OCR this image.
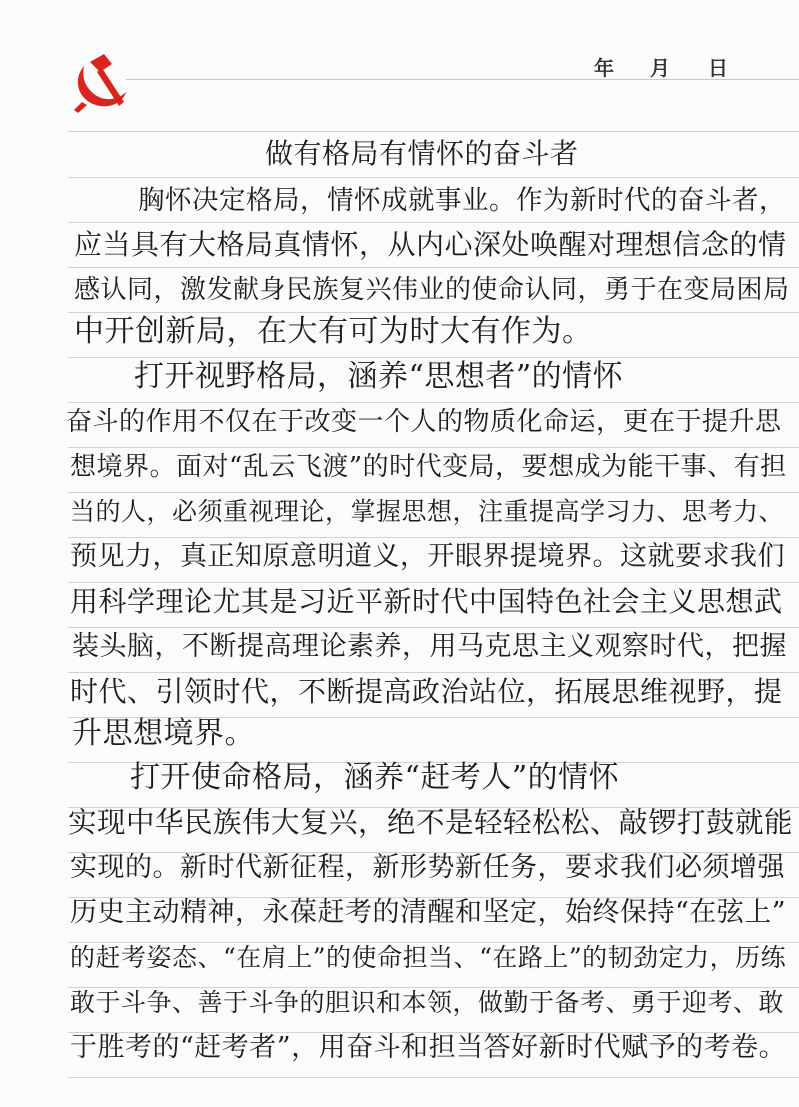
年 月 日
做有格局有情怀的奋斗者
胸怀决定格局，情怀成就事业。作为新时代的奋斗者，
应当具有大格局真情怀，从内心深处唤醒对理想信念的情
感认同，激发献身民族复兴伟业的使命认同，勇于在变局困局
中开创新局，在大有可为时大有作为。
打开视野格局，涵养“思想者”的情怀
奋斗的作用不仅在于改变一个人的物质化命运，更在于提升思
想境界。面对“乱云飞渡”的时代变局，要想成为能干事、有担
当的人，必须重视理论，掌握思想，注重提高学习力、思考力、
预见力，真正知原意明道义，开眼界提境界。这就要求我们
用科学理论尤其是习近平新时代中国特色社会主义思想武
装头脑，不断提高理论素养，用马克思主义观察时代，把握
时代、引领时代，不断提高政治站位，拓展思维视野，提
升思想境界。
打开使命格局，涵养“赶考人”的情怀
实现中华民族伟大复兴，绝不是轻轻松松、敲锣打鼓就能
实现的。新时代新征程，新形势新任务，要求我们必须增强
历史主动精神，永葆赶考的清醒和坚定，始终保持“在弦上”
的赶考姿态、“在肩上”的使命担当、“在路上”的韧劲定力，历练
敢于斗争、善于斗争的胆识和本领，做勤于备考、勇于迎考、敢
于胜考的“赶考者”，用奋斗和担当答好新时代赋予的考卷。
